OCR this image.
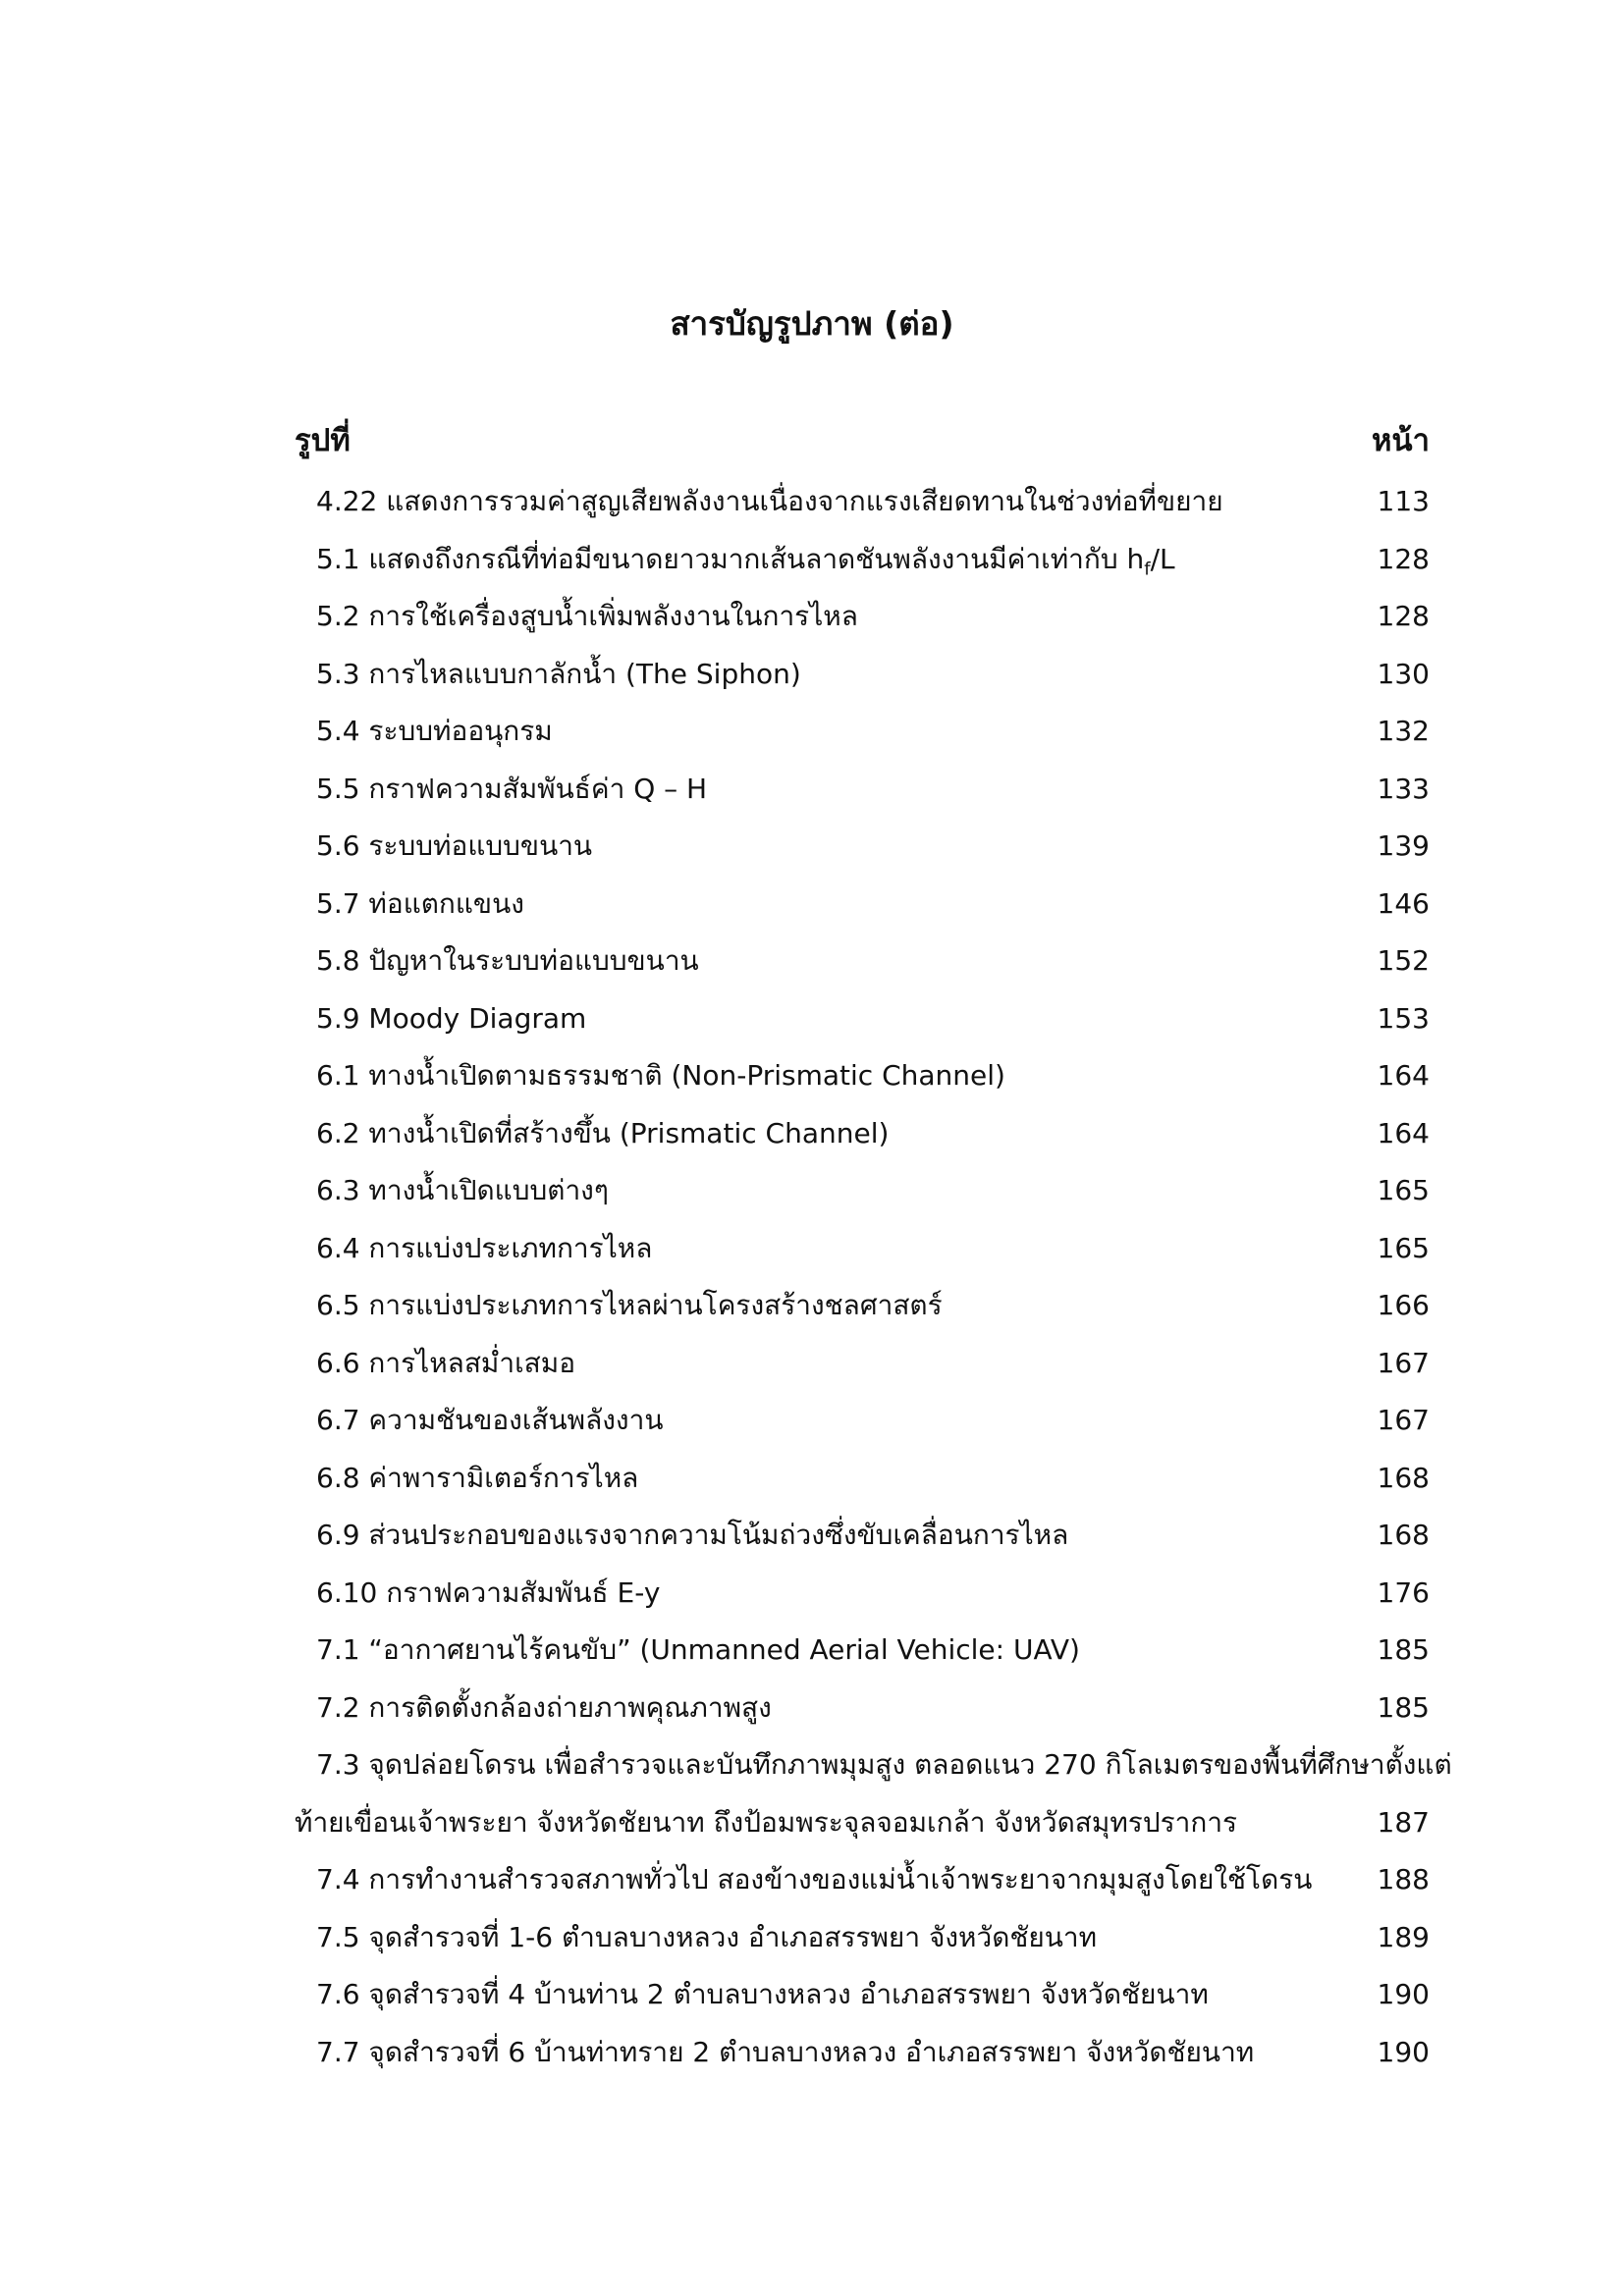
สารบัญรูปภาพ (ต่อ)
รูปที่	หน้า
4.22 แสดงการรวมค่าสูญเสียพลังงานเนื่องจากแรงเสียดทานในช่วงท่อที่ขยาย	113
5.1 แสดงถึงกรณีที่ท่อมีขนาดยาวมากเส้นลาดชันพลังงานมีค่าเท่ากับ $h_f/L$	128
5.2 การใช้เครื่องสูบน้ำเพิ่มพลังงานในการไหล	128
5.3 การไหลแบบกาลักน้ำ (The Siphon)	130
5.4 ระบบท่ออนุกรม	132
5.5 กราฟความสัมพันธ์ค่า Q – H	133
5.6 ระบบท่อแบบขนาน	139
5.7 ท่อแตกแขนง	146
5.8 ปัญหาในระบบท่อแบบขนาน	152
5.9 Moody Diagram	153
6.1 ทางน้ำเปิดตามธรรมชาติ (Non-Prismatic Channel)	164
6.2 ทางน้ำเปิดที่สร้างขึ้น (Prismatic Channel)	164
6.3 ทางน้ำเปิดแบบต่างๆ	165
6.4 การแบ่งประเภทการไหล	165
6.5 การแบ่งประเภทการไหลผ่านโครงสร้างชลศาสตร์	166
6.6 การไหลสม่ำเสมอ	167
6.7 ความชันของเส้นพลังงาน	167
6.8 ค่าพารามิเตอร์การไหล	168
6.9 ส่วนประกอบของแรงจากความโน้มถ่วงซึ่งขับเคลื่อนการไหล	168
6.10 กราฟความสัมพันธ์ E-y	176
7.1 “อากาศยานไร้คนขับ” (Unmanned Aerial Vehicle: UAV)	185
7.2 การติดตั้งกล้องถ่ายภาพคุณภาพสูง	185
7.3 จุดปล่อยโดรน เพื่อสำรวจและบันทึกภาพมุมสูง ตลอดแนว 270 กิโลเมตรของพื้นที่ศึกษาตั้งแต่
ท้ายเขื่อนเจ้าพระยา จังหวัดชัยนาท ถึงป้อมพระจุลจอมเกล้า จังหวัดสมุทรปราการ	187
7.4 การทำงานสำรวจสภาพทั่วไป สองข้างของแม่น้ำเจ้าพระยาจากมุมสูงโดยใช้โดรน	188
7.5 จุดสำรวจที่ 1-6 ตำบลบางหลวง อำเภอสรรพยา จังหวัดชัยนาท	189
7.6 จุดสำรวจที่ 4 บ้านท่าน 2 ตำบลบางหลวง อำเภอสรรพยา จังหวัดชัยนาท	190
7.7 จุดสำรวจที่ 6 บ้านท่าทราย 2 ตำบลบางหลวง อำเภอสรรพยา จังหวัดชัยนาท	190
